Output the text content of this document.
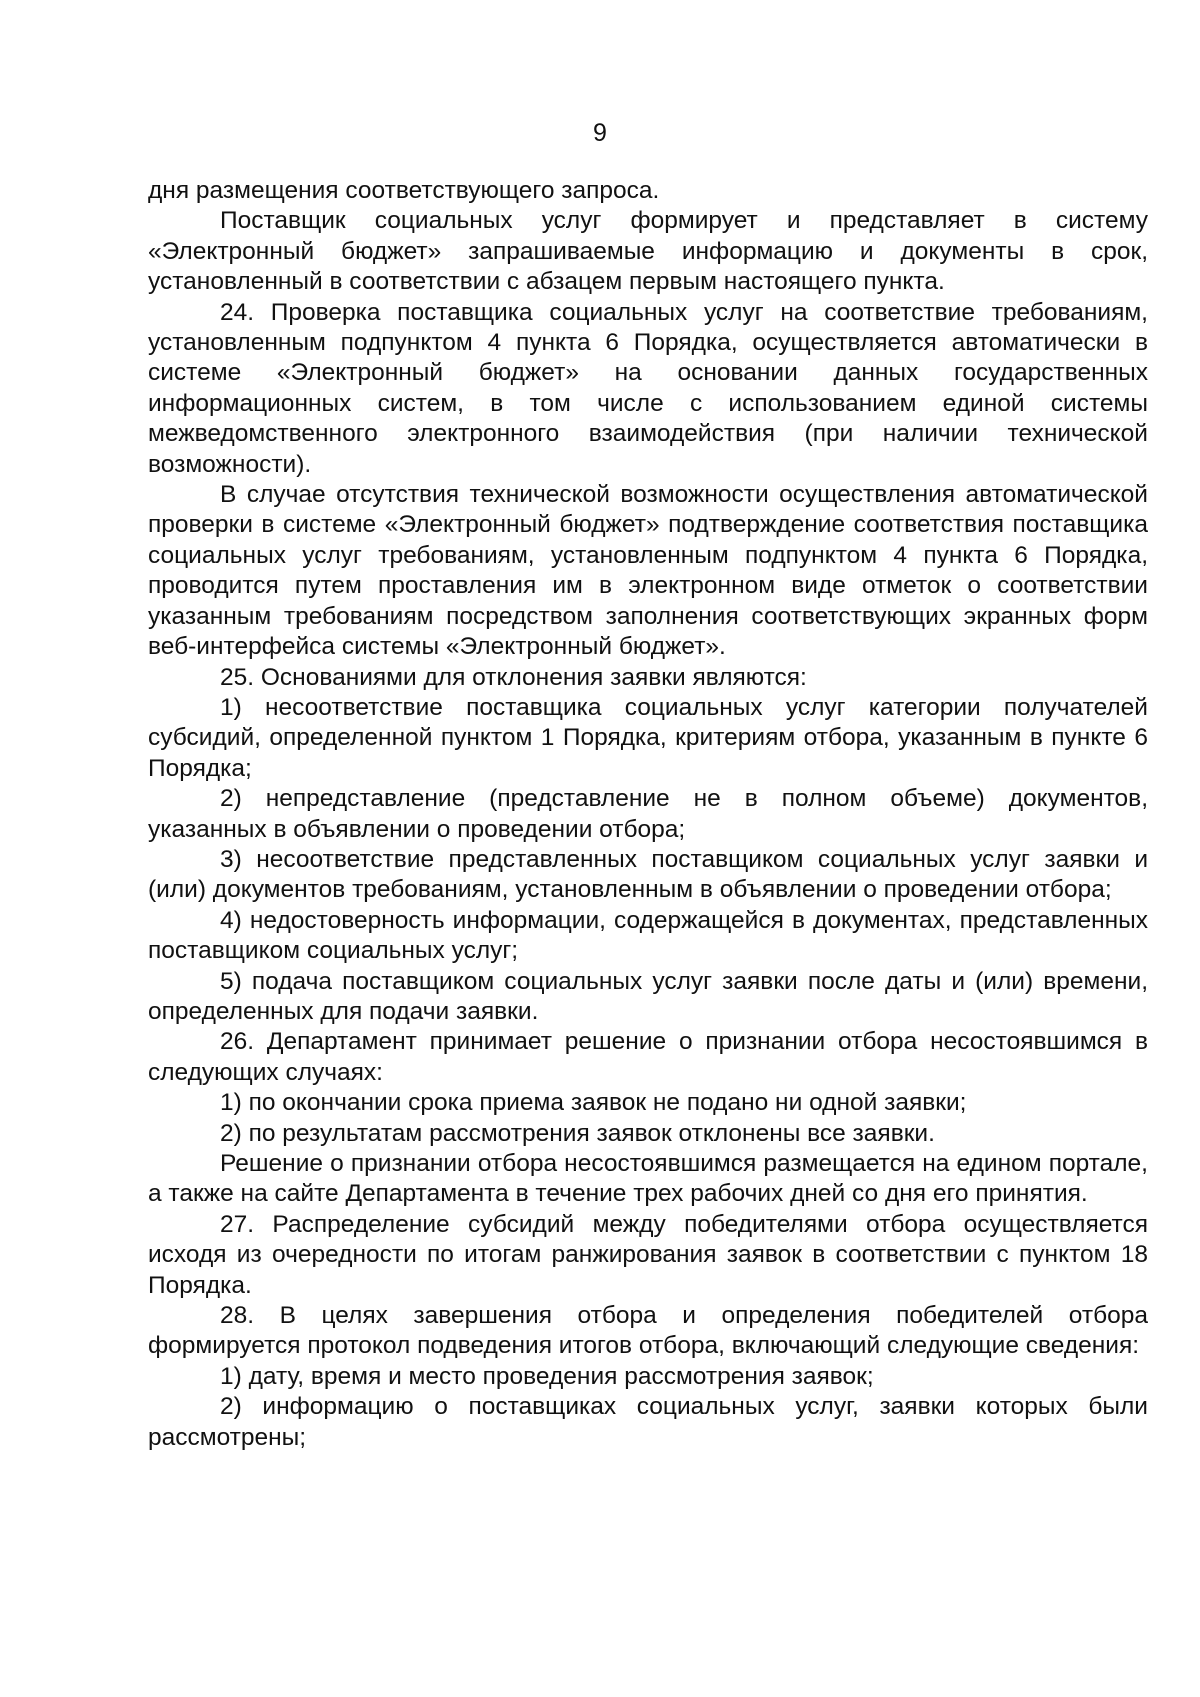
9

дня размещения соответствующего запроса.

Поставщик социальных услуг формирует и представляет в систему «Электронный бюджет» запрашиваемые информацию и документы в срок, установленный в соответствии с абзацем первым настоящего пункта.

24. Проверка поставщика социальных услуг на соответствие требованиям, установленным подпунктом 4 пункта 6 Порядка, осуществляется автоматически в системе «Электронный бюджет» на основании данных государственных информационных систем, в том числе с использованием единой системы межведомственного электронного взаимодействия (при наличии технической возможности).

В случае отсутствия технической возможности осуществления автоматической проверки в системе «Электронный бюджет» подтверждение соответствия поставщика социальных услуг требованиям, установленным подпунктом 4 пункта 6 Порядка, проводится путем проставления им в электронном виде отметок о соответствии указанным требованиям посредством заполнения соответствующих экранных форм веб-интерфейса системы «Электронный бюджет».

25. Основаниями для отклонения заявки являются:

1) несоответствие поставщика социальных услуг категории получателей субсидий, определенной пунктом 1 Порядка, критериям отбора, указанным в пункте 6 Порядка;

2) непредставление (представление не в полном объеме) документов, указанных в объявлении о проведении отбора;

3) несоответствие представленных поставщиком социальных услуг заявки и (или) документов требованиям, установленным в объявлении о проведении отбора;

4) недостоверность информации, содержащейся в документах, представленных поставщиком социальных услуг;

5) подача поставщиком социальных услуг заявки после даты и (или) времени, определенных для подачи заявки.

26. Департамент принимает решение о признании отбора несостоявшимся в следующих случаях:

1) по окончании срока приема заявок не подано ни одной заявки;

2) по результатам рассмотрения заявок отклонены все заявки.

Решение о признании отбора несостоявшимся размещается на едином портале, а также на сайте Департамента в течение трех рабочих дней со дня его принятия.

27. Распределение субсидий между победителями отбора осуществляется исходя из очередности по итогам ранжирования заявок в соответствии с пунктом 18 Порядка.

28. В целях завершения отбора и определения победителей отбора формируется протокол подведения итогов отбора, включающий следующие сведения:

1) дату, время и место проведения рассмотрения заявок;

2) информацию о поставщиках социальных услуг, заявки которых были рассмотрены;
